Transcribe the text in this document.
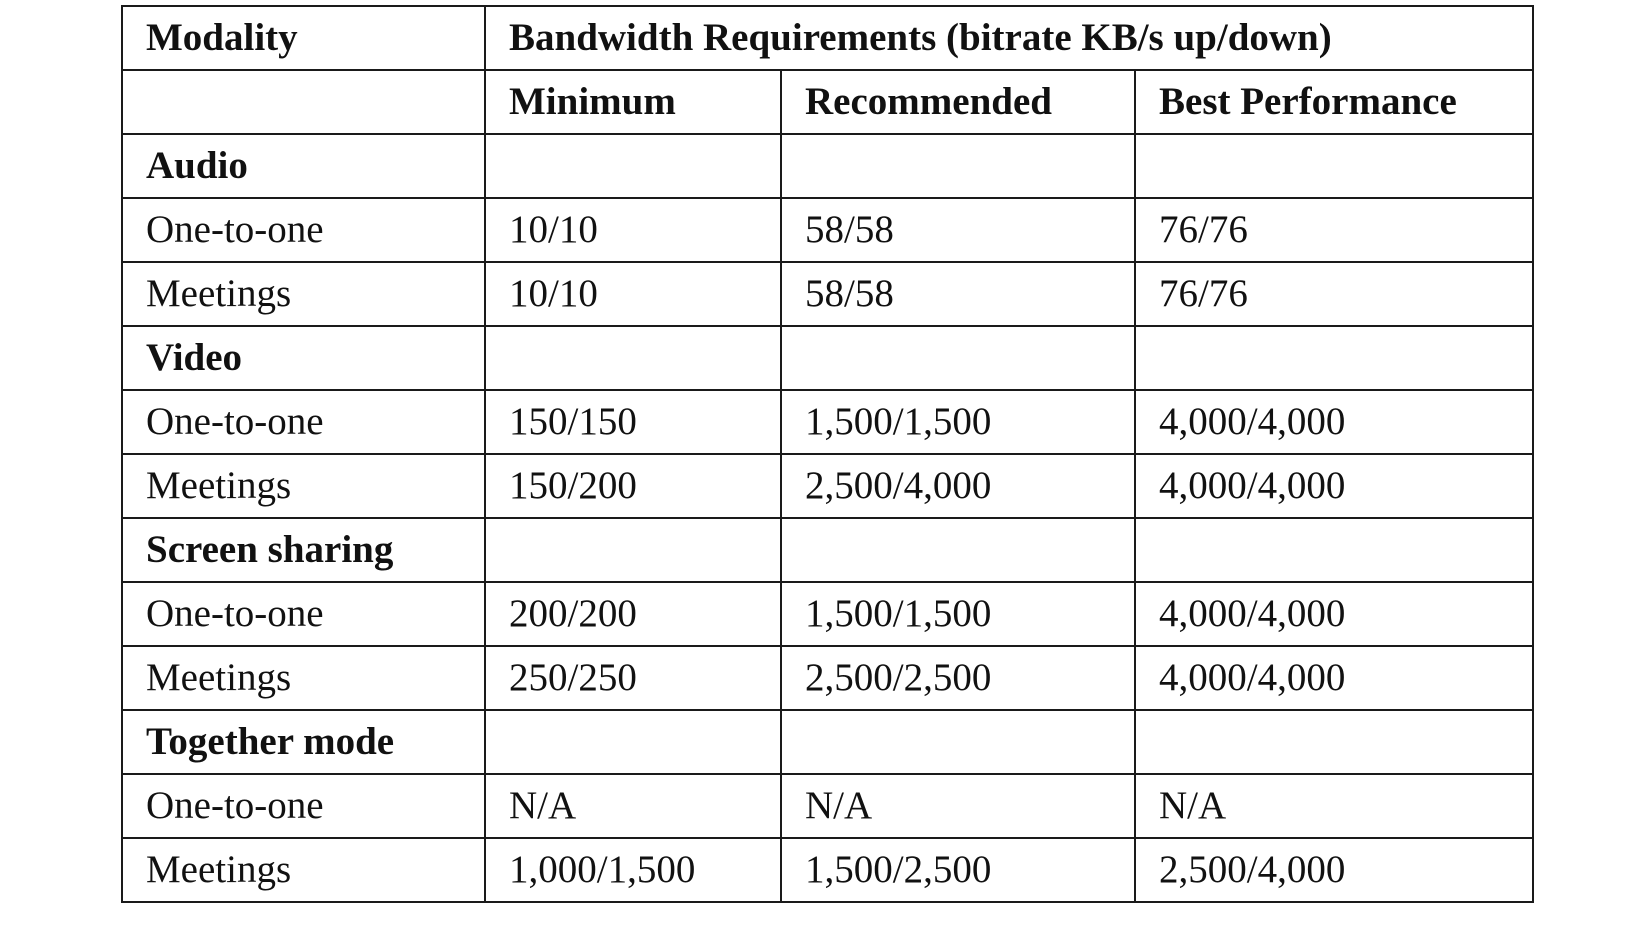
Modality	Bandwidth Requirements (bitrate KB/s up/down)		
	Minimum	Recommended	Best Performance
Audio			
One-to-one	10/10	58/58	76/76
Meetings	10/10	58/58	76/76
Video			
One-to-one	150/150	1,500/1,500	4,000/4,000
Meetings	150/200	2,500/4,000	4,000/4,000
Screen sharing			
One-to-one	200/200	1,500/1,500	4,000/4,000
Meetings	250/250	2,500/2,500	4,000/4,000
Together mode			
One-to-one	N/A	N/A	N/A
Meetings	1,000/1,500	1,500/2,500	2,500/4,000
